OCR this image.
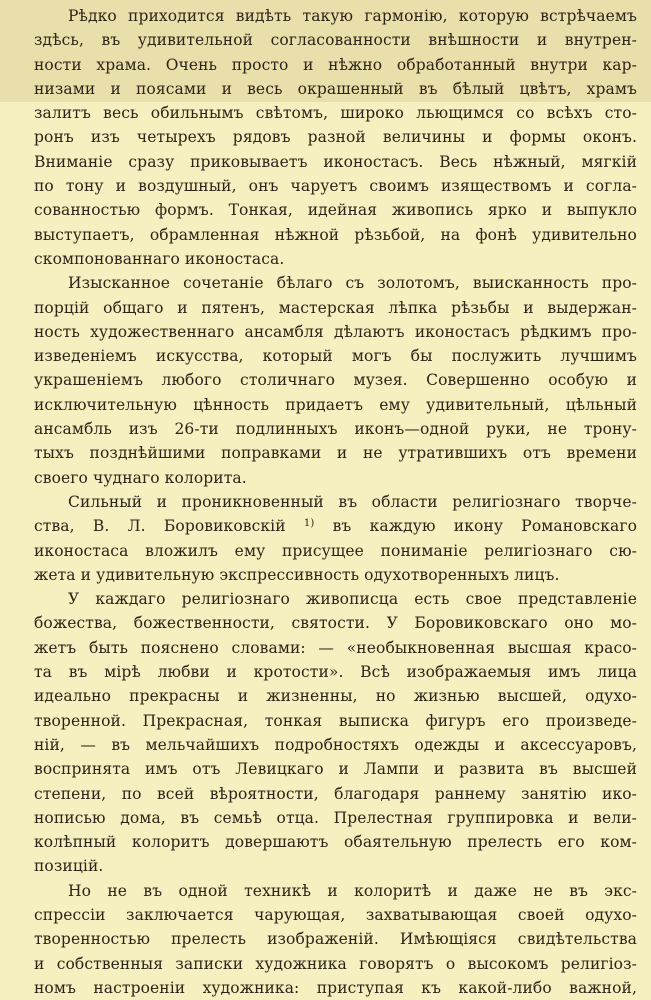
Рѣдко приходится видѣть такую гармонію, которую встрѣчаемъ
здѣсь, въ удивительной согласованности внѣшности и внутрен-
ности храма. Очень просто и нѣжно обработанный внутри кар-
низами и поясами и весь окрашенный въ бѣлый цвѣтъ, храмъ
залитъ весь обильнымъ свѣтомъ, широко льющимся со всѣхъ сто-
ронъ изъ четырехъ рядовъ разной величины и формы оконъ.
Вниманіе сразу приковываетъ иконостасъ. Весь нѣжный, мягкій
по тону и воздушный, онъ чаруетъ своимъ изяществомъ и согла-
сованностью формъ. Тонкая, идейная живопись ярко и выпукло
выступаетъ, обрамленная нѣжной рѣзьбой, на фонѣ удивительно
скомпонованнаго иконостаса.
Изысканное сочетаніе бѣлаго съ золотомъ, выисканность про-
порцій общаго и пятенъ, мастерская лѣпка рѣзьбы и выдержан-
ность художественнаго ансамбля дѣлаютъ иконостасъ рѣдкимъ про-
изведеніемъ искусства, который могъ бы послужить лучшимъ
украшеніемъ любого столичнаго музея. Совершенно особую и
исключительную цѣнность придаетъ ему удивительный, цѣльный
ансамбль изъ 26-ти подлинныхъ иконъ—одной руки, не трону-
тыхъ позднѣйшими поправками и не утратившихъ отъ времени
своего чуднаго колорита.
Сильный и проникновенный въ области религіознаго творче-
ства, В. Л. Боровиковскій $^{1)}$ въ каждую икону Романовскаго
иконостаса вложилъ ему присущее пониманіе религіознаго сю-
жета и удивительную экспрессивность одухотворенныхъ лицъ.
У каждаго религіознаго живописца есть свое представленіе
божества, божественности, святости. У Боровиковскаго оно мо-
жетъ быть пояснено словами: — «необыкновенная высшая красо-
та въ мірѣ любви и кротости». Всѣ изображаемыя имъ лица
идеально прекрасны и жизненны, но жизнью высшей, одухо-
творенной. Прекрасная, тонкая выписка фигуръ его произведе-
ній, — въ мельчайшихъ подробностяхъ одежды и аксессуаровъ,
воспринята имъ отъ Левицкаго и Лампи и развита въ высшей
степени, по всей вѣроятности, благодаря раннему занятію ико-
нописью дома, въ семьѣ отца. Прелестная группировка и вели-
колѣпный колоритъ довершаютъ обаятельную прелесть его ком-
позицій.
Но не въ одной техникѣ и колоритѣ и даже не въ экс-
спрессіи заключается чарующая, захватывающая своей одухо-
творенностью прелесть изображеній. Имѣющіяся свидѣтельства
и собственныя записки художника говорятъ о высокомъ религіоз-
номъ настроеніи художника: приступая къ какой-либо важной,
